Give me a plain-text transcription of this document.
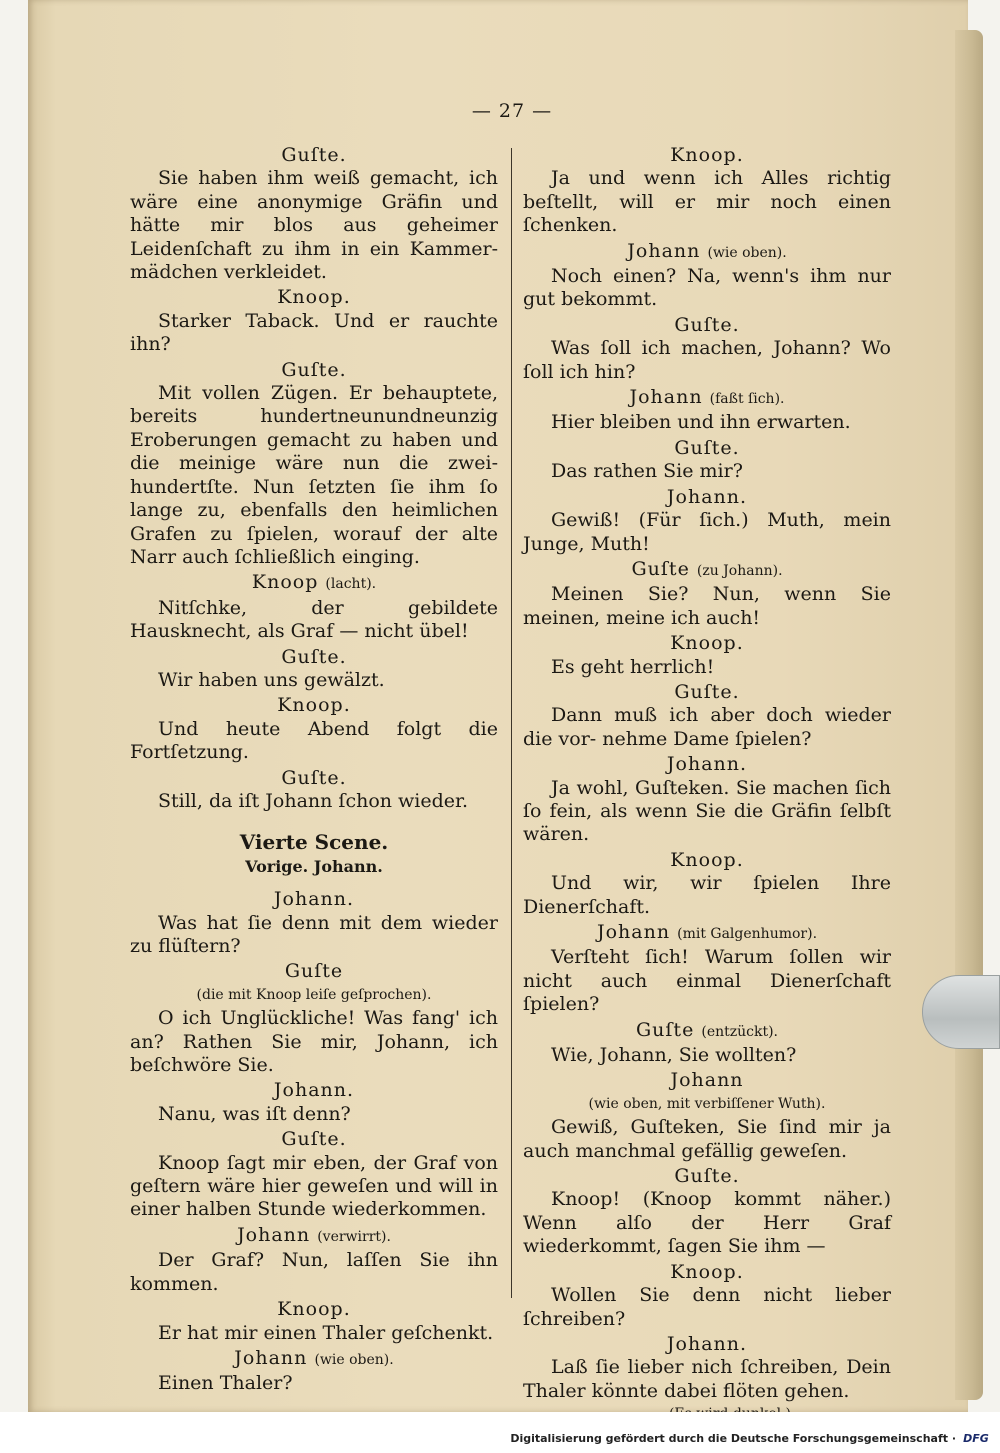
— 27 —
Guſte.
Sie haben ihm weiß gemacht, ich wäre eine anonymige Gräfin und hätte mir blos aus geheimer Leidenſchaft zu ihm in ein Kammer- mädchen verkleidet.
Knoop.
Starker Taback. Und er rauchte ihn?
Guſte.
Mit vollen Zügen. Er behauptete, bereits hundertneunundneunzig Eroberungen gemacht zu haben und die meinige wäre nun die zwei- hundertſte. Nun ſetzten ſie ihm ſo lange zu, ebenfalls den heimlichen Grafen zu ſpielen, worauf der alte Narr auch ſchließlich einging.
Knoop (lacht).
Nitſchke, der gebildete Hausknecht, als Graf — nicht übel!
Guſte.
Wir haben uns gewälzt.
Knoop.
Und heute Abend folgt die Fortſetzung.
Guſte.
Still, da iſt Johann ſchon wieder.
Vierte Scene.
Vorige. Johann.
Johann.
Was hat ſie denn mit dem wieder zu flüſtern?
Guſte
(die mit Knoop leiſe geſprochen).
O ich Unglückliche! Was fang' ich an? Rathen Sie mir, Johann, ich beſchwöre Sie.
Johann.
Nanu, was iſt denn?
Guſte.
Knoop ſagt mir eben, der Graf von geſtern wäre hier geweſen und will in einer halben Stunde wiederkommen.
Johann (verwirrt).
Der Graf? Nun, laſſen Sie ihn kommen.
Knoop.
Er hat mir einen Thaler geſchenkt.
Johann (wie oben).
Einen Thaler?
Knoop.
Ja und wenn ich Alles richtig beſtellt, will er mir noch einen ſchenken.
Johann (wie oben).
Noch einen? Na, wenn's ihm nur gut bekommt.
Guſte.
Was ſoll ich machen, Johann? Wo ſoll ich hin?
Johann (faßt ſich).
Hier bleiben und ihn erwarten.
Guſte.
Das rathen Sie mir?
Johann.
Gewiß! (Für ſich.) Muth, mein Junge, Muth!
Guſte (zu Johann).
Meinen Sie? Nun, wenn Sie meinen, meine ich auch!
Knoop.
Es geht herrlich!
Guſte.
Dann muß ich aber doch wieder die vor- nehme Dame ſpielen?
Johann.
Ja wohl, Guſteken. Sie machen ſich ſo fein, als wenn Sie die Gräfin ſelbſt wären.
Knoop.
Und wir, wir ſpielen Ihre Dienerſchaft.
Johann (mit Galgenhumor).
Verſteht ſich! Warum ſollen wir nicht auch einmal Dienerſchaft ſpielen?
Guſte (entzückt).
Wie, Johann, Sie wollten?
Johann
(wie oben, mit verbiſſener Wuth).
Gewiß, Guſteken, Sie ſind mir ja auch manchmal gefällig geweſen.
Guſte.
Knoop! (Knoop kommt näher.) Wenn alſo der Herr Graf wiederkommt, ſagen Sie ihm —
Knoop.
Wollen Sie denn nicht lieber ſchreiben?
Johann.
Laß ſie lieber nich ſchreiben, Dein Thaler könnte dabei flöten gehen.
Digitalisierung gefördert durch die Deutsche Forschungsgemeinschaft · DFG
